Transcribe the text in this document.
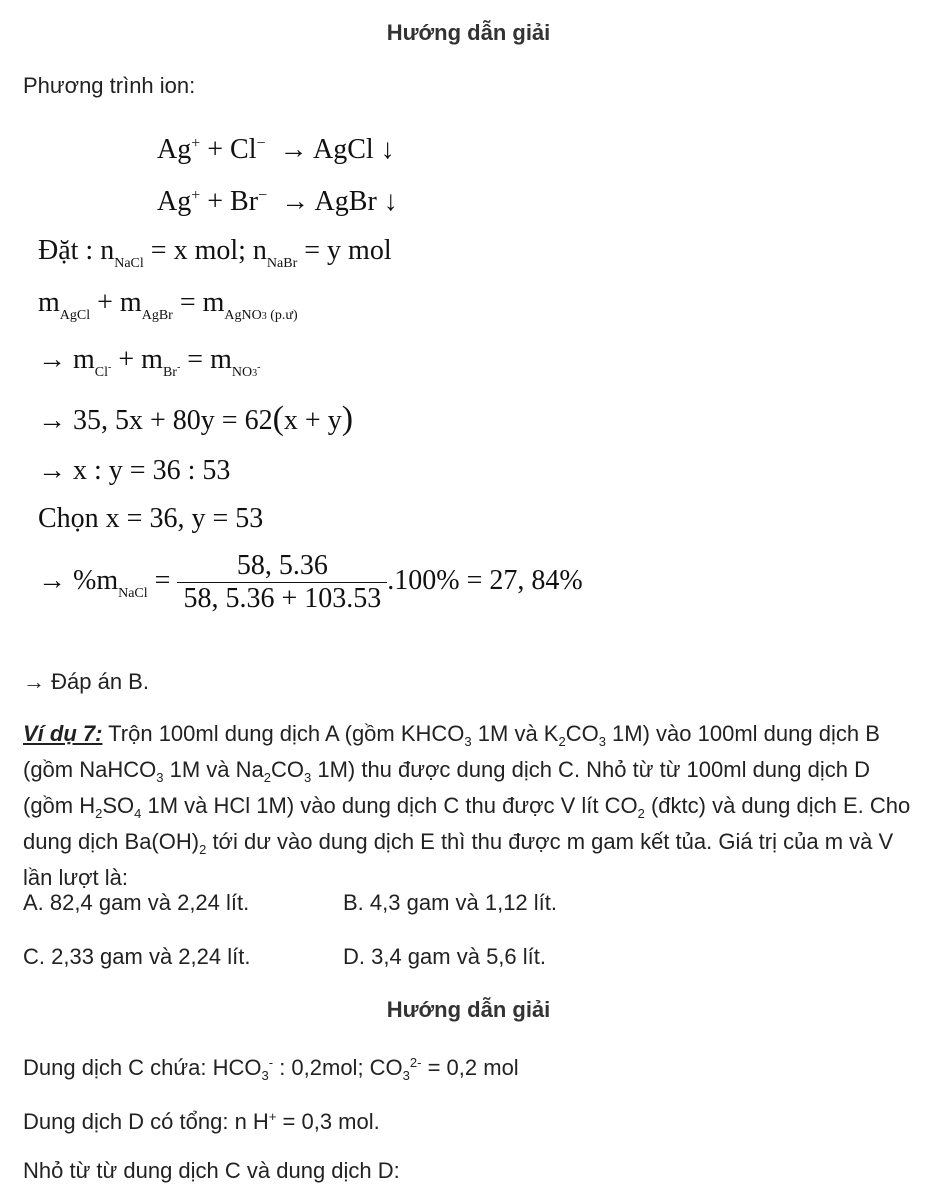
Hướng dẫn giải
Phương trình ion:
Ag+ + Cl−  → AgCl ↓
Ag+ + Br−  → AgBr ↓
Đặt : $n_{NaCl} = x$ mol; $n_{NaBr} = y$ mol
$m_{AgCl} + m_{AgBr} = m_{AgNO3 (p.ư)}$
→ $m_{Cl^-} + m_{Br^-} = m_{NO3^-}$
→ 35, 5x + 80y = 62(x + y)
→ x : y = 36 : 53
Chọn x = 36, y = 53
→ $\%m_{NaCl} = \frac{58, 5.36}{58, 5.36 + 103.53} .100\% = 27$, 84%
→ Đáp án B.
Ví dụ 7: Trộn 100ml dung dịch A (gồm $KHCO_3$ 1M và $K_2CO_3$ 1M) vào 100ml dung dịch B (gồm NaHCO$_3$ 1M và $Na_2CO_3$ 1M) thu được dung dịch C. Nhỏ từ từ 100ml dung dịch D (gồm $H_2SO_4$ 1M và HCl 1M) vào dung dịch C thu được V lít $CO_2$ (đktc) và dung dịch E. Cho dung dịch $Ba(OH)_2$ tới dư vào dung dịch E thì thu được m gam kết tủa. Giá trị của m và V lần lượt là:
A. 82,4 gam và 2,24 lít.	B. 4,3 gam và 1,12 lít.
C. 2,33 gam và 2,24 lít.	D. 3,4 gam và 5,6 lít.
Hướng dẫn giải
Dung dịch C chứa: $HCO_3^-$ : 0,2mol; $CO_3^{2-} = 0,2$ mol
Dung dịch D có tổng: n H+ = 0,3 mol.
Nhỏ từ từ dung dịch C và dung dịch D:
